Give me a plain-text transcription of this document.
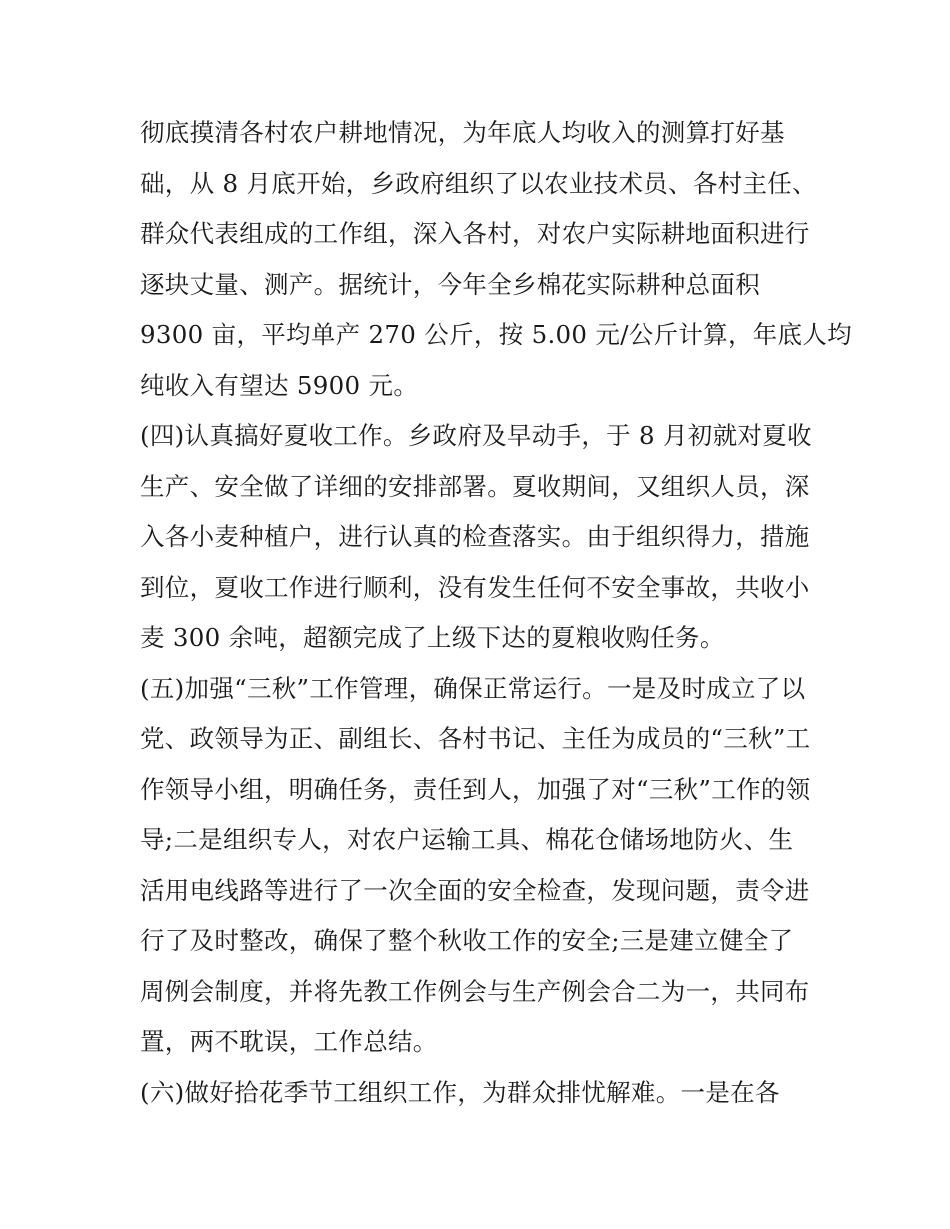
彻底摸清各村农户耕地情况，为年底人均收入的测算打好基
础，从 8 月底开始，乡政府组织了以农业技术员、各村主任、
群众代表组成的工作组，深入各村，对农户实际耕地面积进行
逐块丈量、测产。据统计，今年全乡棉花实际耕种总面积
9300 亩，平均单产 270 公斤，按 5.00 元/公斤计算，年底人均
纯收入有望达 5900 元。
(四)认真搞好夏收工作。乡政府及早动手，于 8 月初就对夏收
生产、安全做了详细的安排部署。夏收期间，又组织人员，深
入各小麦种植户，进行认真的检查落实。由于组织得力，措施
到位，夏收工作进行顺利，没有发生任何不安全事故，共收小
麦 300 余吨，超额完成了上级下达的夏粮收购任务。
(五)加强“三秋”工作管理，确保正常运行。一是及时成立了以
党、政领导为正、副组长、各村书记、主任为成员的“三秋”工
作领导小组，明确任务，责任到人，加强了对“三秋”工作的领
导;二是组织专人，对农户运输工具、棉花仓储场地防火、生
活用电线路等进行了一次全面的安全检查，发现问题，责令进
行了及时整改，确保了整个秋收工作的安全;三是建立健全了
周例会制度，并将先教工作例会与生产例会合二为一，共同布
置，两不耽误，工作总结。
(六)做好拾花季节工组织工作，为群众排忧解难。一是在各
